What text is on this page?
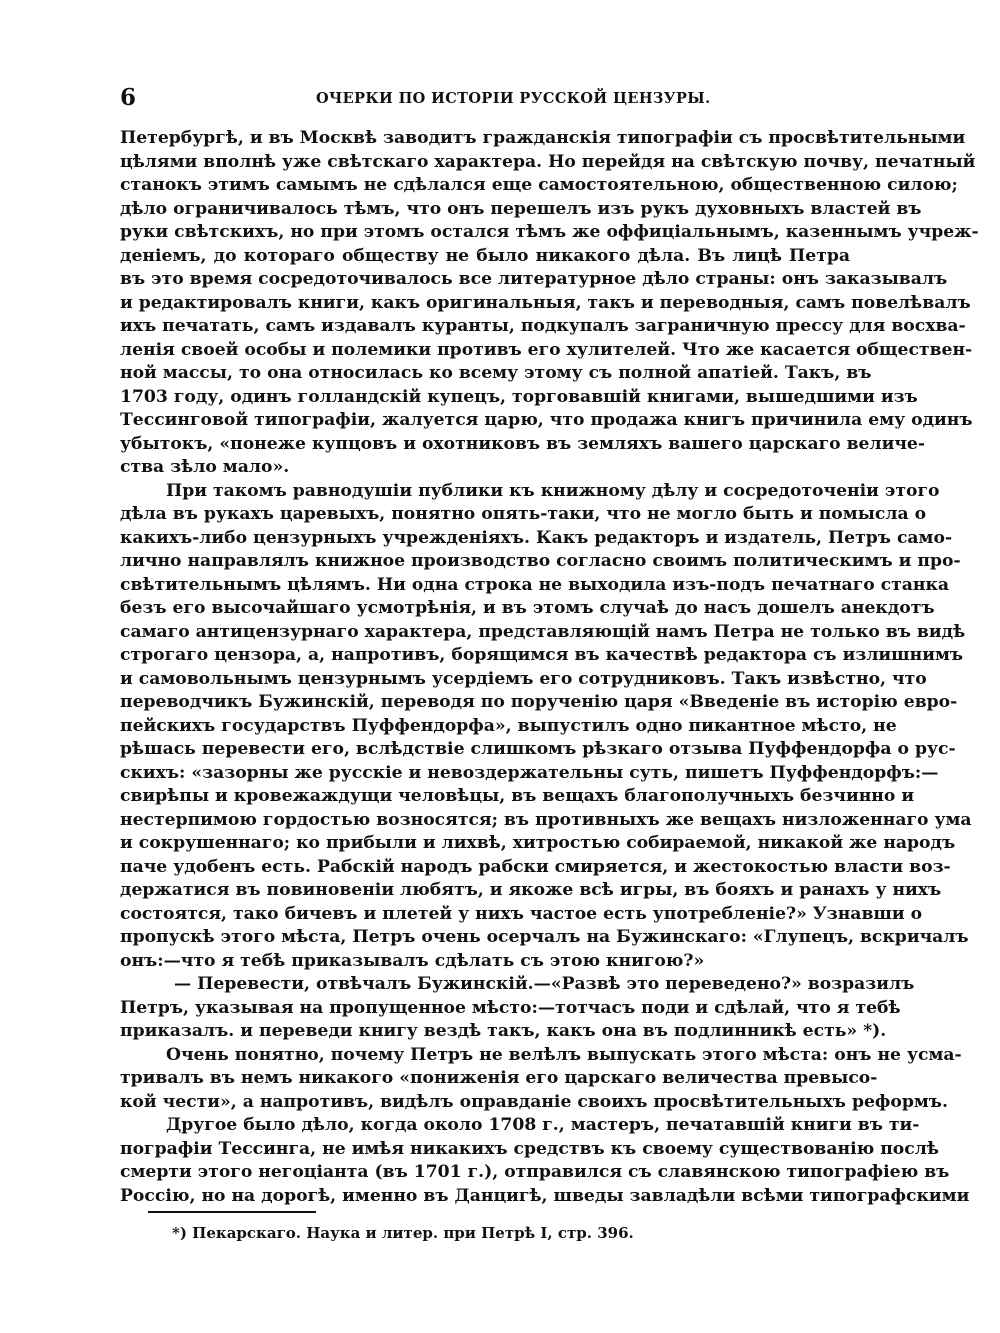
6	ОЧЕРКИ ПО ИСТОРІИ РУССКОЙ ЦЕНЗУРЫ.
Петербургѣ, и въ Москвѣ заводитъ гражданскія типографіи съ просвѣтительными
цѣлями вполнѣ уже свѣтскаго характера. Но перейдя на свѣтскую почву, печатный
станокъ этимъ самымъ не сдѣлался еще самостоятельною, общественною силою;
дѣло ограничивалось тѣмъ, что онъ перешелъ изъ рукъ духовныхъ властей въ
руки свѣтскихъ, но при этомъ остался тѣмъ же оффиціальнымъ, казеннымъ учреж-
деніемъ, до котораго обществу не было никакого дѣла. Въ лицѣ Петра
въ это время сосредоточивалось все литературное дѣло страны: онъ заказывалъ
и редактировалъ книги, какъ оригинальныя, такъ и переводныя, самъ повелѣвалъ
ихъ печатать, самъ издавалъ куранты, подкупалъ заграничную прессу для восхва-
ленія своей особы и полемики противъ его хулителей. Что же касается обществен-
ной массы, то она относилась ко всему этому съ полной апатіей. Такъ, въ
1703 году, одинъ голландскій купецъ, торговавшій книгами, вышедшими изъ
Тессинговой типографіи, жалуется царю, что продажа книгъ причинила ему одинъ
убытокъ, «понеже купцовъ и охотниковъ въ земляхъ вашего царскаго величе-
ства зѣло мало».
При такомъ равнодушіи публики къ книжному дѣлу и сосредоточеніи этого
дѣла въ рукахъ царевыхъ, понятно опять-таки, что не могло быть и помысла о
какихъ-либо цензурныхъ учрежденіяхъ. Какъ редакторъ и издатель, Петръ само-
лично направлялъ книжное производство согласно своимъ политическимъ и про-
свѣтительнымъ цѣлямъ. Ни одна строка не выходила изъ-подъ печатнаго станка
безъ его высочайшаго усмотрѣнія, и въ этомъ случаѣ до насъ дошелъ анекдотъ
самаго антицензурнаго характера, представляющій намъ Петра не только въ видѣ
строгаго цензора, а, напротивъ, борящимся въ качествѣ редактора съ излишнимъ
и самовольнымъ цензурнымъ усердіемъ его сотрудниковъ. Такъ извѣстно, что
переводчикъ Бужинскій, переводя по порученію царя «Введеніе въ исторію евро-
пейскихъ государствъ Пуффендорфа», выпустилъ одно пикантное мѣсто, не
рѣшась перевести его, вслѣдствіе слишкомъ рѣзкаго отзыва Пуффендорфа о рус-
скихъ: «зазорны же русскіе и невоздержательны суть, пишетъ Пуффендорфъ:—
свирѣпы и кровежаждущи человѣцы, въ вещахъ благополучныхъ безчинно и
нестерпимою гордостью возносятся; въ противныхъ же вещахъ низложеннаго ума
и сокрушеннаго; ко прибыли и лихвѣ, хитростью собираемой, никакой же народъ
паче удобенъ есть. Рабскій народъ рабски смиряется, и жестокостью власти воз-
держатися въ повиновеніи любятъ, и якоже всѣ игры, въ бояхъ и ранахъ у нихъ
состоятся, тако бичевъ и плетей у нихъ частое есть употребленіе?» Узнавши о
пропускѣ этого мѣста, Петръ очень осерчалъ на Бужинскаго: «Глупецъ, вскричалъ
онъ:—что я тебѣ приказывалъ сдѣлать съ этою книгою?»
— Перевести, отвѣчалъ Бужинскій.—«Развѣ это переведено?» возразилъ
Петръ, указывая на пропущенное мѣсто:—тотчасъ поди и сдѣлай, что я тебѣ
приказалъ. и переведи книгу вездѣ такъ, какъ она въ подлинникѣ есть» *).
Очень понятно, почему Петръ не велѣлъ выпускать этого мѣста: онъ не усма-
тривалъ въ немъ никакого «пониженія его царскаго величества превысо-
кой чести», а напротивъ, видѣлъ оправданіе своихъ просвѣтительныхъ реформъ.
Другое было дѣло, когда около 1708 г., мастеръ, печатавшій книги въ ти-
пографіи Тессинга, не имѣя никакихъ средствъ къ своему существованію послѣ
смерти этого негоціанта (въ 1701 г.), отправился съ славянскою типографіею въ
Россію, но на дорогѣ, именно въ Данцигѣ, шведы завладѣли всѣми типографскими
*) Пекарскаго. Наука и литер. при Петрѣ I, стр. 396.
